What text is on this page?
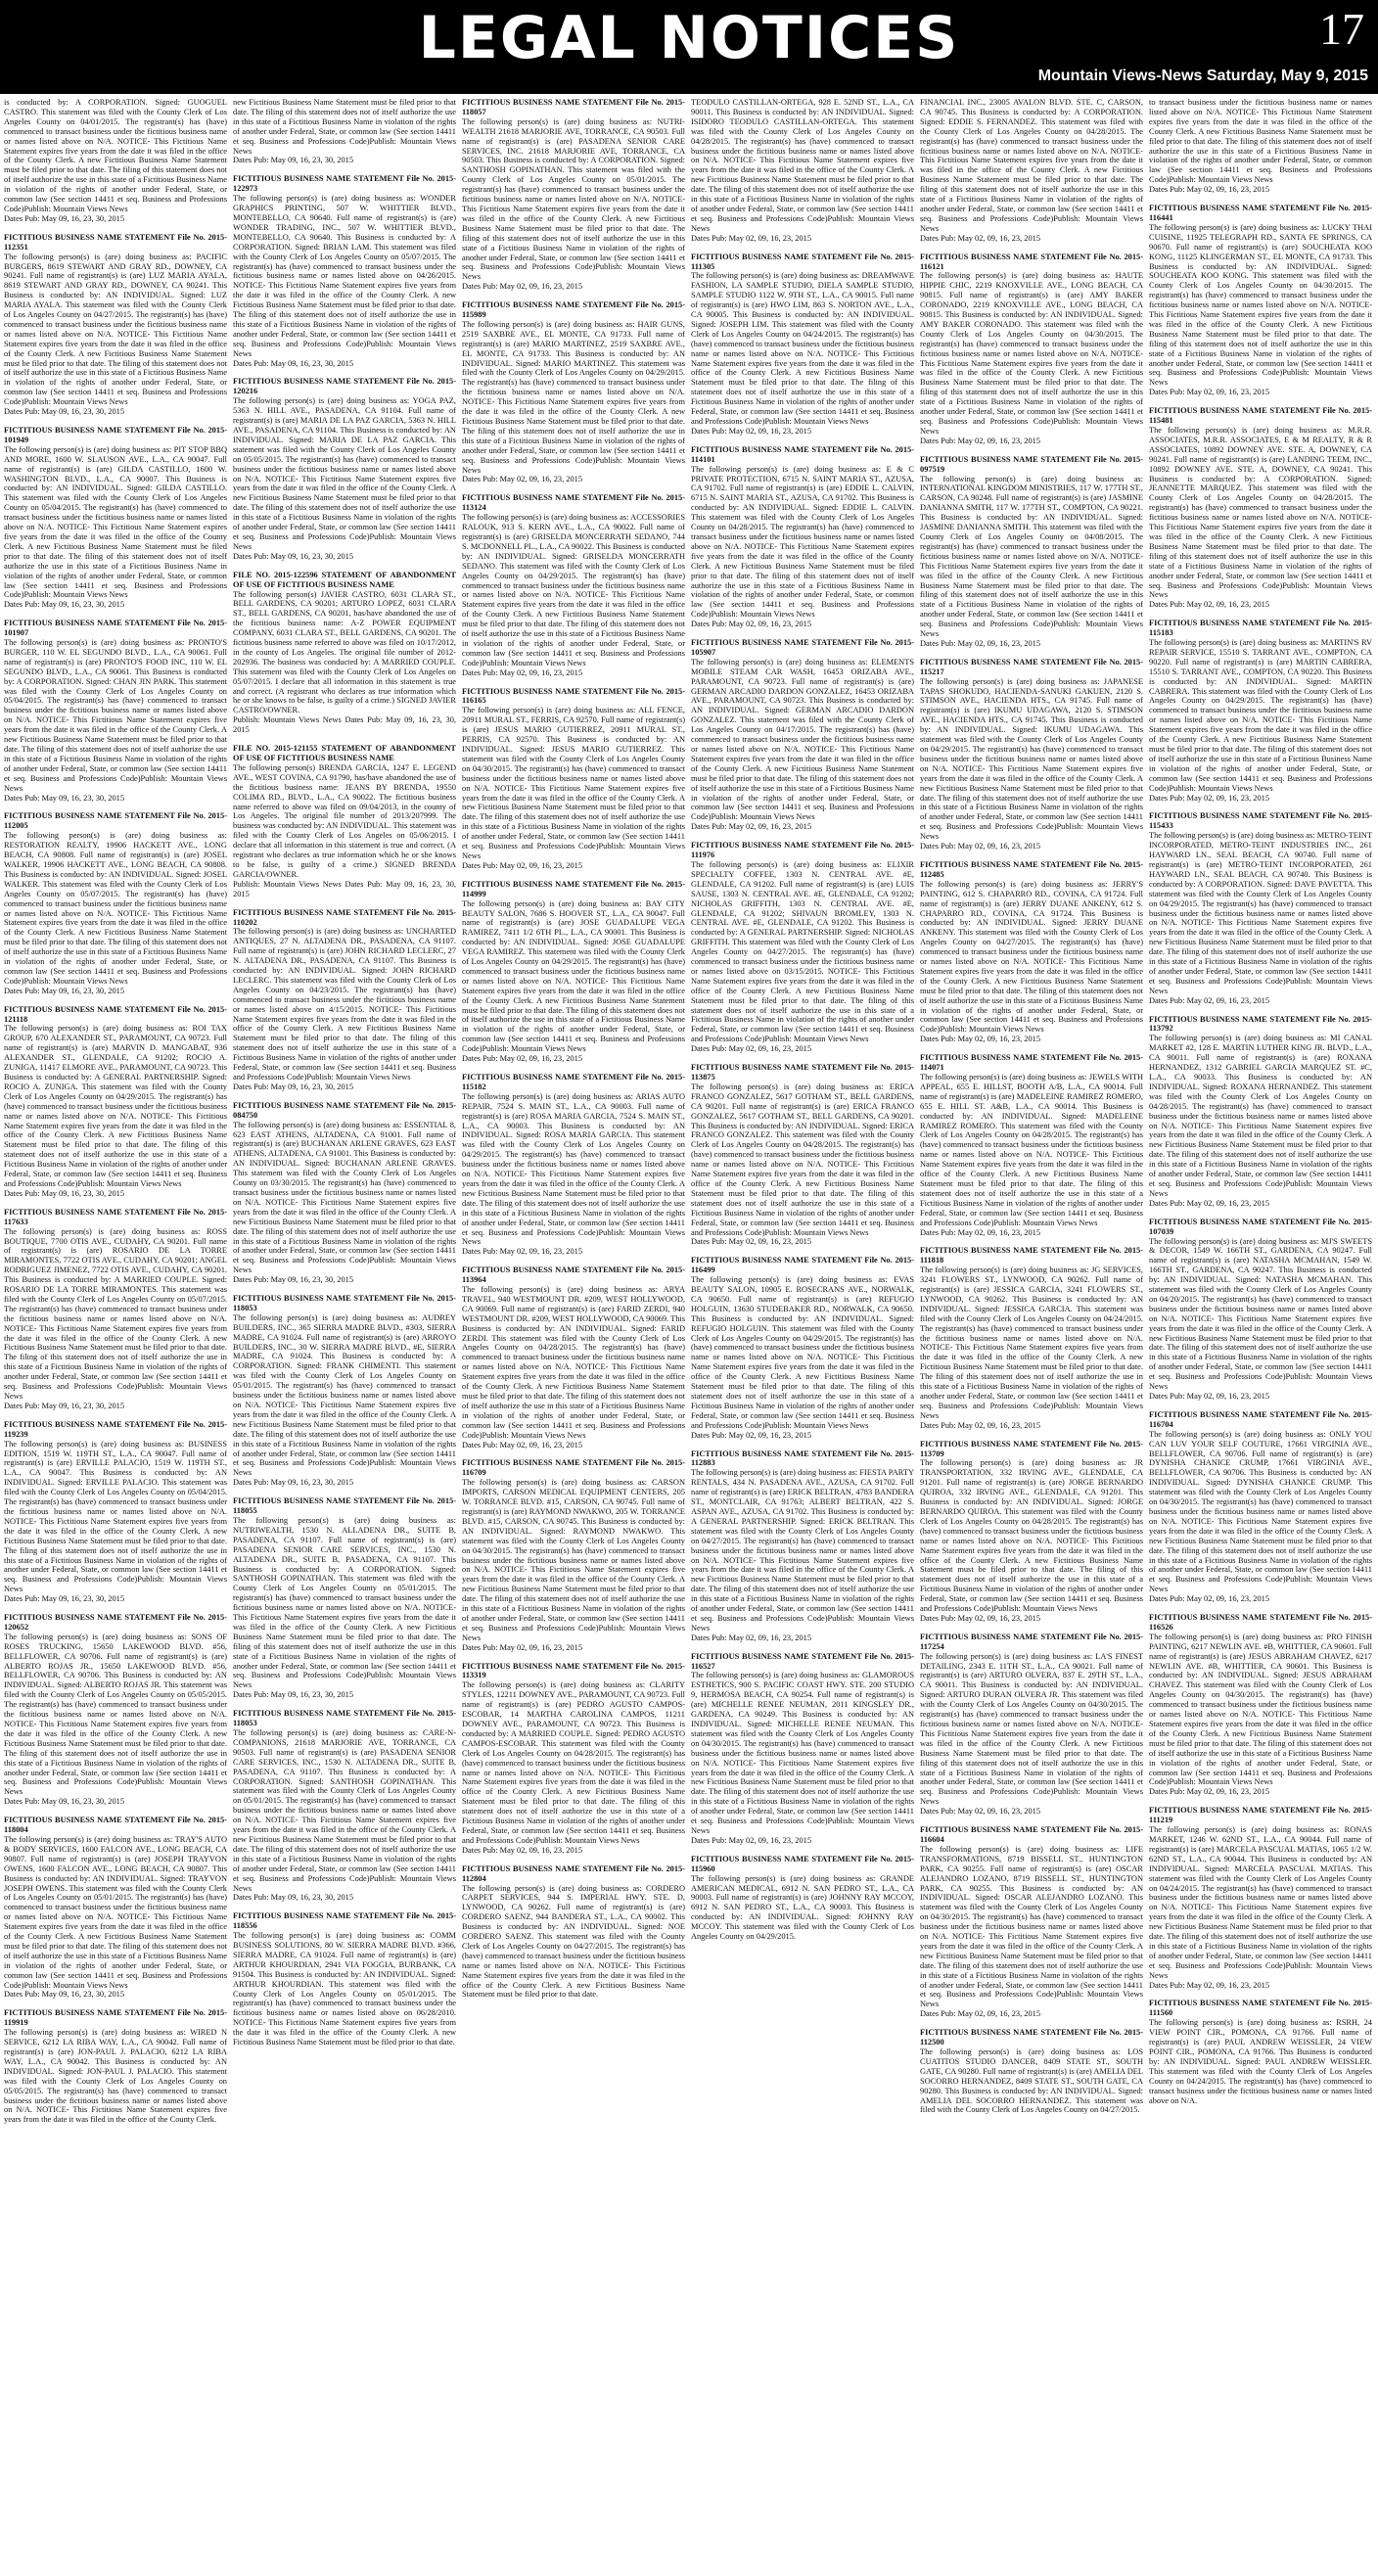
LEGAL NOTICES	17
Mountain Views-News Saturday, May 9, 2015
is conducted by: A CORPORATION. Signed: GUOGUEL CASTRO. This statement was filed with the County Clerk of Los Angeles County on 04/01/2015. The registrant(s) has (have) commenced to transact business under the fictitious business name or names listed above on N/A. NOTICE- This Fictitious Name Statement expires five years from the date it was filed in the office of the County Clerk. A new Fictitious Business Name Statement must be filed prior to that date. The filing of this statement does not of itself authorize the use in this state of a Fictitious Business Name in violation of the rights of another under Federal, State, or common law (See section 14411 et seq. Business and Professions Code)Publish: Mountain Views News
Dates Pub: May 09, 16, 23, 30, 2015
FICTITIOUS BUSINESS NAME STATEMENT File No. 2015-112351
The following person(s) is (are) doing business as: PACIFIC BURGERS, 8619 STEWART AND GRAY RD., DOWNEY, CA 90241. Full name of registrant(s) is (are) LUZ MARIA AYALA, 8619 STEWART AND GRAY RD., DOWNEY, CA 90241. This Business is conducted by: AN INDIVIDUAL. Signed: LUZ MARIA AYALA. This statement was filed with the County Clerk of Los Angeles County on 04/27/2015. The registrant(s) has (have) commenced to transact business under the fictitious business name or names listed above on N/A. NOTICE- This Fictitious Name Statement expires five years from the date it was filed in the office of the County Clerk. A new Fictitious Business Name Statement must be filed prior to that date. The filing of this statement does not of itself authorize the use in this state of a Fictitious Business Name in violation of the rights of another under Federal, State, or common law (See section 14411 et seq. Business and Professions Code)Publish: Mountain Views News
Dates Pub: May 09, 16, 23, 30, 2015
FICTITIOUS BUSINESS NAME STATEMENT File No. 2015-101949
The following person(s) is (are) doing business as: PIT STOP BBQ AND MORE, 1600 W. SLAUSON AVE., L.A., CA 90047. Full name of registrant(s) is (are) GILDA CASTILLO, 1600 W. WASHINGTON BLVD., L.A., CA 90007. This Business is conducted by: AN INDIVIDUAL. Signed: GILDA CASTILLO. This statement was filed with the County Clerk of Los Angeles County on 05/04/2015. The registrant(s) has (have) commenced to transact business under the fictitious business name or names listed above on N/A. NOTICE- This Fictitious Name Statement expires five years from the date it was filed in the office of the County Clerk. A new Fictitious Business Name Statement must be filed prior to that date. The filing of this statement does not of itself authorize the use in this state of a Fictitious Business Name in violation of the rights of another under Federal, State, or common law (See section 14411 et seq. Business and Professions Code)Publish: Mountain Views News
Dates Pub: May 09, 16, 23, 30, 2015
FICTITIOUS BUSINESS NAME STATEMENT File No. 2015-101907
The following person(s) is (are) doing business as: PRONTO'S BURGER, 110 W. EL SEGUNDO BLVD., L.A., CA 90061. Full name of registrant(s) is (are) PRONTO'S FOOD INC, 110 W. EL SEGUNDO BLVD., L.A., CA 90061. This Business is conducted by: A CORPORATION. Signed: CHAN JIN PARK. This statement was filed with the County Clerk of Los Angeles County on 05/04/2015. The registrant(s) has (have) commenced to transact business under the fictitious business name or names listed above on N/A. NOTICE- This Fictitious Name Statement expires five years from the date it was filed in the office of the County Clerk. A new Fictitious Business Name Statement must be filed prior to that date. The filing of this statement does not of itself authorize the use in this state of a Fictitious Business Name in violation of the rights of another under Federal, State, or common law (See section 14411 et seq. Business and Professions Code)Publish: Mountain Views News
Dates Pub: May 09, 16, 23, 30, 2015
FICTITIOUS BUSINESS NAME STATEMENT File No. 2015-112005
The following person(s) is (are) doing business as: RESTORATION REALTY, 19906 HACKETT AVE., LONG BEACH, CA 90808. Full name of registrant(s) is (are) JOSEL WALKER, 19906 HACKETT AVE., LONG BEACH, CA 90808. This Business is conducted by: AN INDIVIDUAL. Signed: JOSEL WALKER. This statement was filed with the County Clerk of Los Angeles County on 05/07/2015. The registrant(s) has (have) commenced to transact business under the fictitious business name or names listed above on N/A. NOTICE- This Fictitious Name Statement expires five years from the date it was filed in the office of the County Clerk. A new Fictitious Business Name Statement must be filed prior to that date. The filing of this statement does not of itself authorize the use in this state of a Fictitious Business Name in violation of the rights of another under Federal, State, or common law (See section 14411 et seq. Business and Professions Code)Publish: Mountain Views News
Dates Pub: May 09, 16, 23, 30, 2015
FICTITIOUS BUSINESS NAME STATEMENT File No. 2015-121118
The following person(s) is (are) doing business as: ROI TAX GROUP, 670 ALEXANDER ST., PARAMOUNT, CA 90723. Full name of registrant(s) is (are) MARVIN D. MANGABAT, 936 ALEXANDER ST., GLENDALE, CA 91202; ROCIO A. ZUNIGA, 11417 ELMORE AVE., PARAMOUNT, CA 90723. This Business is conducted by: A GENERAL PARTNERSHIP. Signed: ROCIO A. ZUNIGA. This statement was filed with the County Clerk of Los Angeles County on 04/29/2015. The registrant(s) has (have) commenced to transact business under the fictitious business name or names listed above on N/A. NOTICE- This Fictitious Name Statement expires five years from the date it was filed in the office of the County Clerk. A new Fictitious Business Name Statement must be filed prior to that date. The filing of this statement does not of itself authorize the use in this state of a Fictitious Business Name in violation of the rights of another under Federal, State, or common law (See section 14411 et seq. Business and Professions Code)Publish: Mountain Views News
Dates Pub: May 09, 16, 23, 30, 2015
FICTITIOUS BUSINESS NAME STATEMENT File No. 2015-117633
The following person(s) is (are) doing business as: ROSS BOUTIQUE, 7700 OTIS AVE., CUDAHY, CA 90201. Full name of registrant(s) is (are) ROSARIO DE LA TORRE MIRAMONTES, 7722 OTIS AVE., CUDAHY, CA 90201; ANGEL RODRIGUEZ JIMENEZ, 7722 OTIS AVE., CUDAHY, CA 90201. This Business is conducted by: A MARRIED COUPLE. Signed: ROSARIO DE LA TORRE MIRAMONTES. This statement was filed with the County Clerk of Los Angeles County on 05/07/2015. The registrant(s) has (have) commenced to transact business under the fictitious business name or names listed above on N/A. NOTICE- This Fictitious Name Statement expires five years from the date it was filed in the office of the County Clerk. A new Fictitious Business Name Statement must be filed prior to that date. The filing of this statement does not of itself authorize the use in this state of a Fictitious Business Name in violation of the rights of another under Federal, State, or common law (See section 14411 et seq. Business and Professions Code)Publish: Mountain Views News
Dates Pub: May 09, 16, 23, 30, 2015
FICTITIOUS BUSINESS NAME STATEMENT File No. 2015-119239
The following person(s) is (are) doing business as: BUSINESS EDITION, 1519 W. 119TH ST., L.A., CA 90047. Full name of registrant(s) is (are) ERVILLE PALACIO, 1519 W. 119TH ST., L.A., CA 90047. This Business is conducted by: AN INDIVIDUAL. Signed: ERVILLE PALACIO. This statement was filed with the County Clerk of Los Angeles County on 05/04/2015. The registrant(s) has (have) commenced to transact business under the fictitious business name or names listed above on N/A. NOTICE- This Fictitious Name Statement expires five years from the date it was filed in the office of the County Clerk. A new Fictitious Business Name Statement must be filed prior to that date. The filing of this statement does not of itself authorize the use in this state of a Fictitious Business Name in violation of the rights of another under Federal, State, or common law (See section 14411 et seq. Business and Professions Code)Publish: Mountain Views News
Dates Pub: May 09, 16, 23, 30, 2015
FICTITIOUS BUSINESS NAME STATEMENT File No. 2015-120652
The following person(s) is (are) doing business as: SONS OF ROSES TRUCKING, 15650 LAKEWOOD BLVD. #56, BELLFLOWER, CA 90706. Full name of registrant(s) is (are) ALBERTO ROJAS JR., 15650 LAKEWOOD BLVD. #56, BELLFLOWER, CA 90706. This Business is conducted by: AN INDIVIDUAL. Signed: ALBERTO ROJAS JR. This statement was filed with the County Clerk of Los Angeles County on 05/05/2015. The registrant(s) has (have) commenced to transact business under the fictitious business name or names listed above on N/A. NOTICE- This Fictitious Name Statement expires five years from the date it was filed in the office of the County Clerk. A new Fictitious Business Name Statement must be filed prior to that date. The filing of this statement does not of itself authorize the use in this state of a Fictitious Business Name in violation of the rights of another under Federal, State, or common law (See section 14411 et seq. Business and Professions Code)Publish: Mountain Views News
Dates Pub: May 09, 16, 23, 30, 2015
FICTITIOUS BUSINESS NAME STATEMENT File No. 2015-118004
The following person(s) is (are) doing business as: TRAY'S AUTO & BODY SERVICES, 1600 FALCON AVE., LONG BEACH, CA 90807. Full name of registrant(s) is (are) JOSEPH TRAYVON OWENS, 1600 FALCON AVE., LONG BEACH, CA 90807. This Business is conducted by: AN INDIVIDUAL. Signed: TRAYVON JOSEPH OWENS. This statement was filed with the County Clerk of Los Angeles County on 05/01/2015. The registrant(s) has (have) commenced to transact business under the fictitious business name or names listed above on N/A. NOTICE- This Fictitious Name Statement expires five years from the date it was filed in the office of the County Clerk. A new Fictitious Business Name Statement must be filed prior to that date. The filing of this statement does not of itself authorize the use in this state of a Fictitious Business Name in violation of the rights of another under Federal, State, or common law (See section 14411 et seq. Business and Professions Code)Publish: Mountain Views News
Dates Pub: May 09, 16, 23, 30, 2015
FICTITIOUS BUSINESS NAME STATEMENT File No. 2015-119919
The following person(s) is (are) doing business as: WIRED N SERVICE, 6212 LA RIBA WAY, L.A., CA 90042. Full name of registrant(s) is (are) JON-PAUL J. PALACIO, 6212 LA RIBA WAY, L.A., CA 90042. This Business is conducted by: AN INDIVIDUAL. Signed: JON-PAUL J. PALACIO. This statement was filed with the County Clerk of Los Angeles County on 05/05/2015. The registrant(s) has (have) commenced to transact business under the fictitious business name or names listed above on N/A. NOTICE- This Fictitious Name Statement expires five years from the date it was filed in the office of the County Clerk.
new Fictitious Business Name Statement must be filed prior to that date. The filing of this statement does not of itself authorize the use in this state of a Fictitious Business Name in violation of the rights of another under Federal, State, or common law (See section 14411 et seq. Business and Professions Code)Publish: Mountain Views News
Dates Pub: May 09, 16, 23, 30, 2015
FICTITIOUS BUSINESS NAME STATEMENT File No. 2015-122973
The following person(s) is (are) doing business as: WONDER GRAPHICS PRINTING, 507 W. WHITTIER BLVD., MONTEBELLO, CA 90640. Full name of registrant(s) is (are) WONDER TRADING, INC., 507 W. WHITTIER BLVD., MONTEBELLO, CA 90640. This Business is conducted by: A CORPORATION. Signed: BRIAN LAM. This statement was filed with the County Clerk of Los Angeles County on 05/07/2015. The registrant(s) has (have) commenced to transact business under the fictitious business name or names listed above on 04/26/2015. NOTICE- This Fictitious Name Statement expires five years from the date it was filed in the office of the County Clerk. A new Fictitious Business Name Statement must be filed prior to that date. The filing of this statement does not of itself authorize the use in this state of a Fictitious Business Name in violation of the rights of another under Federal, State, or common law (See section 14411 et seq. Business and Professions Code)Publish: Mountain Views News
Dates Pub: May 09, 16, 23, 30, 2015
FICTITIOUS BUSINESS NAME STATEMENT File No. 2015-120216
The following person(s) is (are) doing business as: YOGA PAZ, 5363 N. HILL AVE., PASADENA, CA 91104. Full name of registrant(s) is (are) MARIA DE LA PAZ GARCIA, 5363 N. HILL AVE., PASADENA, CA 91104. This Business is conducted by: AN INDIVIDUAL. Signed: MARIA DE LA PAZ GARCIA. This statement was filed with the County Clerk of Los Angeles County on 05/05/2015. The registrant(s) has (have) commenced to transact business under the fictitious business name or names listed above on N/A. NOTICE- This Fictitious Name Statement expires five years from the date it was filed in the office of the County Clerk. A new Fictitious Business Name Statement must be filed prior to that date. The filing of this statement does not of itself authorize the use in this state of a Fictitious Business Name in violation of the rights of another under Federal, State, or common law (See section 14411 et seq. Business and Professions Code)Publish: Mountain Views News
Dates Pub: May 09, 16, 23, 30, 2015
FILE NO. 2015-122596 STATEMENT OF ABANDONMENT OF USE OF FICTITIOUS BUSINESS NAME
The following person(s) JAVIER CASTRO, 6031 CLARA ST., BELL GARDENS, CA 90201; ARTURO LOPEZ, 6031 CLARA ST., BELL GARDENS, CA 90201, has/have abandoned the use of the fictitious business name: A-Z POWER EQUIPMENT COMPANY, 6031 CLARA ST., BELL GARDENS, CA 90201. The fictitious business name referred to above was filed on 10/17/2012, in the county of Los Angeles. The original file number of 2012-202936. The business was conducted by: A MARRIED COUPLE. This statement was filed with the County Clerk of Los Angeles on 05/07/2015. I declare that all information in this statement is true and correct. (A registrant who declares as true information which he or she knows to be false, is guilty of a crime.) SIGNED JAVIER CASTRO/OWNER.
Publish: Mountain Views News Dates Pub: May 09, 16, 23, 30, 2015
FILE NO. 2015-121155 STATEMENT OF ABANDONMENT OF USE OF FICTITIOUS BUSINESS NAME
The following person(s) BRENDA GARCIA, 1247 E. LEGEND AVE., WEST COVINA, CA 91790, has/have abandoned the use of the fictitious business name: JEANS BY BRENDA, 19550 COLIMA RD., BLVD., L.A., CA 90022. The fictitious business name referred to above was filed on 09/04/2013, in the county of Los Angeles. The original file number of 2013/207999. The business was conducted by: AN INDIVIDUAL. This statement was filed with the County Clerk of Los Angeles on 05/06/2015. I declare that all information in this statement is true and correct. (A registrant who declares as true information which he or she knows to be false, is guilty of a crime.) SIGNED BRENDA GARCIA/OWNER.
Publish: Mountain Views News Dates Pub: May 09, 16, 23, 30, 2015
FICTITIOUS BUSINESS NAME STATEMENT File No. 2015-110202
The following person(s) is (are) doing business as: UNCHARTED ANTIQUES, 27 N. ALTADENA DR., PASADENA, CA 91107. Full name of registrant(s) is (are) JOHN RICHARD LECLERC, 27 N. ALTADENA DR., PASADENA, CA 91107. This Business is conducted by: AN INDIVIDUAL. Signed: JOHN RICHARD LECLERC. This statement was filed with the County Clerk of Los Angeles County on 04/23/2015. The registrant(s) has (have) commenced to transact business under the fictitious business name or names listed above on 4/15/2015. NOTICE- This Fictitious Name Statement expires five years from the date it was filed in the office of the County Clerk. A new Fictitious Business Name Statement must be filed prior to that date. The filing of this statement does not of itself authorize the use in this state of a Fictitious Business Name in violation of the rights of another under Federal, State, or common law (See section 14411 et seq. Business and Professions Code)Publish: Mountain Views News
Dates Pub: May 09, 16, 23, 30, 2015
FICTITIOUS BUSINESS NAME STATEMENT File No. 2015-084750
The following person(s) is (are) doing business as: ESSENTIAL 8, 623 EAST ATHENS, ALTADENA, CA 91001. Full name of registrant(s) is (are) BUCHANAN ARLENE GRAVES, 623 EAST ATHENS, ALTADENA, CA 91001. This Business is conducted by: AN INDIVIDUAL. Signed: BUCHANAN ARLENE GRAVES. This statement was filed with the County Clerk of Los Angeles County on 03/30/2015. The registrant(s) has (have) commenced to transact business under the fictitious business name or names listed on N/A. NOTICE- This Fictitious Name Statement expires five years from the date it was filed in the office of the County Clerk. A new Fictitious Business Name Statement must be filed prior to that date. The filing of this statement does not of itself authorize the use in this state of a Fictitious Business Name in violation of the rights of another under Federal, State, or common law (See section 14411 et seq. Business and Professions Code)Publish: Mountain Views News
Dates Pub: May 09, 16, 23, 30, 2015
FICTITIOUS BUSINESS NAME STATEMENT File No. 2015-118053
The following person(s) is (are) doing business as: AUDREY BUILDERS, INC., 365 SIERRA MADRE BLVD., #303, SIERRA MADRE, CA 91024. Full name of registrant(s) is (are) ARROYO BUILDERS, INC., 30 W. SIERRA MADRE BLVD., #E, SIERRA MADRE, CA 91024. This Business is conducted by: A CORPORATION. Signed: FRANK CHIMENTI. This statement was filed with the County Clerk of Los Angeles County on 05/01/2015. The registrant(s) has (have) commenced to transact business under the fictitious business name or names listed above on N/A. NOTICE- This Fictitious Name Statement expires five years from the date it was filed in the office of the County Clerk. A new Fictitious Business Name Statement must be filed prior to that date. The filing of this statement does not of itself authorize the use in this state of a Fictitious Business Name in violation of the rights of another under Federal, State, or common law (See section 14411 et seq. Business and Professions Code)Publish: Mountain Views News
Dates Pub: May 09, 16, 23, 30, 2015
FICTITIOUS BUSINESS NAME STATEMENT File No. 2015-118055
The following person(s) is (are) doing business as: NUTRIWEALTH, 1530 N. ALLADENA DR., SUITE B, PASADENA, CA 91107. Full name of registrant(s) is (are) PASADENA SENIOR CARE SERVICES, INC., 1530 N. ALTADENA DR., SUITE B, PASADENA, CA 91107. This Business is conducted by: A CORPORATION. Signed: SANTHOSH GOPINATHAN. This statement was filed with the County Clerk of Los Angeles County on 05/01/2015. The registrant(s) has (have) commenced to transact business under the fictitious business name or names listed above on N/A. NOTICE- This Fictitious Name Statement expires five years from the date it was filed in the office of the County Clerk. A new Fictitious Business Name Statement must be filed prior to that date. The filing of this statement does not of itself authorize the use in this state of a Fictitious Business Name in violation of the rights of another under Federal, State, or common law (See section 14411 et seq. Business and Professions Code)Publish: Mountain Views News
Dates Pub: May 09, 16, 23, 30, 2015
FICTITIOUS BUSINESS NAME STATEMENT File No. 2015-118053
The following person(s) is (are) doing business as: CARE-N-COMPANIONS, 21618 MARJORIE AVE, TORRANCE, CA 90503. Full name of registrant(s) is (are) PASADENA SENIOR CARE SERVICES, INC., 1530 N. ALTADENA DR., SUITE B, PASADENA, CA 91107. This Business is conducted by: A CORPORATION. Signed: SANTHOSH GOPINATHAN. This statement was filed with the County Clerk of Los Angeles County on 05/01/2015. The registrant(s) has (have) commenced to transact business under the fictitious business name or names listed above on N/A. NOTICE- This Fictitious Name Statement expires five years from the date it was filed in the office of the County Clerk. A new Fictitious Business Name Statement must be filed prior to that date. The filing of this statement does not of itself authorize the use in this state of a Fictitious Business Name in violation of the rights of another under Federal, State, or common law (See section 14411 et seq. Business and Professions Code)Publish: Mountain Views News
Dates Pub: May 09, 16, 23, 30, 2015
FICTITIOUS BUSINESS NAME STATEMENT File No. 2015-118556
The following person(s) is (are) doing business as: COMM BUSINESS SOLUTIONS, 80 W. SIERRA MADRE BLVD. #366, SIERRA MADRE, CA 91024. Full name of registrant(s) is (are) ARTHUR KHOURDIAN, 2941 VIA FOGGIA, BURBANK, CA 91504. This Business is conducted by: AN INDIVIDUAL. Signed: ARTHUR KHOURDIAN. This statement was filed with the County Clerk of Los Angeles County on 05/01/2015. The registrant(s) has (have) commenced to transact business under the fictitious business name or names listed above on 06/28/2010. NOTICE- This Fictitious Name Statement expires five years from the date it was filed in the office of the County Clerk. A new Fictitious Business Name Statement must be filed prior to that date.
FICTITIOUS BUSINESS NAME STATEMENT File No. 2015-118057
The following person(s) is (are) doing business as: NUTRI-WEALTH 21618 MARJORIE AVE, TORRANCE, CA 90503. Full name of registrant(s) is (are) PASADENA SENIOR CARE SERVICES, INC. 21618 MARJORIE AVE, TORRANCE, CA 90503. This Business is conducted by: A CORPORATION. Signed: SANTHOSH GOPINATHAN. This statement was filed with the County Clerk of Los Angeles County on 05/01/2015. The registrant(s) has (have) commenced to transact business under the fictitious business name or names listed above on N/A. NOTICE- This Fictitious Name Statement expires five years from the date it was filed in the office of the County Clerk. A new Fictitious Business Name Statement must be filed prior to that date. The filing of this statement does not of itself authorize the use in this state of a Fictitious Business Name in violation of the rights of another under Federal, State, or common law (See section 14411 et seq. Business and Professions Code)Publish: Mountain Views News
Dates Pub: May 02, 09, 16, 23, 2015
FICTITIOUS BUSINESS NAME STATEMENT File No. 2015-115989
The following person(s) is (are) doing business as: HAIR GUNS, 2519 SAXBRE AVE., EL MONTE, CA 91733. Full name of registrant(s) is (are) MARIO MARTINEZ, 2519 SAXBRE AVE., EL MONTE, CA 91733. This Business is conducted by: AN INDIVIDUAL. Signed: MARIO MARTINEZ. This statement was filed with the County Clerk of Los Angeles County on 04/29/2015. The registrant(s) has (have) commenced to transact business under the fictitious business name or names listed above on N/A. NOTICE- This Fictitious Name Statement expires five years from the date it was filed in the office of the County Clerk. A new Fictitious Business Name Statement must be filed prior to that date. The filing of this statement does not of itself authorize the use in this state of a Fictitious Business Name in violation of the rights of another under Federal, State, or common law (See section 14411 et seq. Business and Professions Code)Publish: Mountain Views News
Dates Pub: May 02, 09, 16, 23, 2015
FICTITIOUS BUSINESS NAME STATEMENT File No. 2015-113124
The following person(s) is (are) doing business as: ACCESSORIES RALOUK, 913 S. KERN AVE., L.A., CA 90022. Full name of registrant(s) is (are) GRISELDA MONCERRATH SEDANO, 744 S. MCDONNELL PL., L.A., CA 90022. This Business is conducted by: AN INDIVIDUAL. Signed: GRISELDA MONCERRATH SEDANO. This statement was filed with the County Clerk of Los Angeles County on 04/29/2015. The registrant(s) has (have) commenced to transact business under the fictitious business name or names listed above on N/A. NOTICE- This Fictitious Name Statement expires five years from the date it was filed in the office of the County Clerk. A new Fictitious Business Name Statement must be filed prior to that date. The filing of this statement does not of itself authorize the use in this state of a Fictitious Business Name in violation of the rights of another under Federal, State, or common law (See section 14411 et seq. Business and Professions Code)Publish: Mountain Views News
Dates Pub: May 02, 09, 16, 23, 2015
FICTITIOUS BUSINESS NAME STATEMENT File No. 2015-116165
The following person(s) is (are) doing business as: ALL FENCE, 20911 MURAL ST., FERRIS, CA 92570. Full name of registrant(s) is (are) JESUS MARIO GUTIERREZ, 20911 MURAL ST., PERRIS, CA 92570. This Business is conducted by: AN INDIVIDUAL. Signed: JESUS MARIO GUTIERREZ. This statement was filed with the County Clerk of Los Angeles County on 04/30/2015. The registrant(s) has (have) commenced to transact business under the fictitious business name or names listed above on N/A. NOTICE- This Fictitious Name Statement expires five years from the date it was filed in the office of the County Clerk. A new Fictitious Business Name Statement must be filed prior to that date. The filing of this statement does not of itself authorize the use in this state of a Fictitious Business Name in violation of the rights of another under Federal, State, or common law (See section 14411 et seq. Business and Professions Code)Publish: Mountain Views News
Dates Pub: May 02, 09, 16, 23, 2015
FICTITIOUS BUSINESS NAME STATEMENT File No. 2015-114999
The following person(s) is (are) doing business as: BAY CITY BEAUTY SALON, 7686 S. HOOVER ST., L.A., CA 90047. Full name of registrant(s) is (are) JOSE GUADALUPE VEGA RAMIREZ, 7411 1/2 6TH PL., L.A., CA 90001. This Business is conducted by: AN INDIVIDUAL. Signed: JOSE GUADALUPE VEGA RAMIREZ. This statement was filed with the County Clerk of Los Angeles County on 04/29/2015. The registrant(s) has (have) commenced to transact business under the fictitious business name or names listed above on N/A. NOTICE- This Fictitious Name Statement expires five years from the date it was filed in the office of the County Clerk. A new Fictitious Business Name Statement must be filed prior to that date. The filing of this statement does not of itself authorize the use in this state of a Fictitious Business Name in violation of the rights of another under Federal, State, or common law (See section 14411 et seq. Business and Professions Code)Publish: Mountain Views News
Dates Pub: May 02, 09, 16, 23, 2015
FICTITIOUS BUSINESS NAME STATEMENT File No. 2015-115182
The following person(s) is (are) doing business as: ARIAS AUTO REPAIR, 7524 S. MAIN ST., L.A., CA 90003. Full name of registrant(s) is (are) ROSA MARIA GARCIA, 7524 S. MAIN ST., L.A., CA 90003. This Business is conducted by: AN INDIVIDUAL. Signed: ROSA MARIA GARCIA. This statement was filed with the County Clerk of Los Angeles County on 04/29/2015. The registrant(s) has (have) commenced to transact business under the fictitious business name or names listed above on N/A. NOTICE- This Fictitious Name Statement expires five years from the date it was filed in the office of the County Clerk. A new Fictitious Business Name Statement must be filed prior to that date. The filing of this statement does not of itself authorize the use in this state of a Fictitious Business Name in violation of the rights of another under Federal, State, or common law (See section 14411 et seq. Business and Professions Code)Publish: Mountain Views News
Dates Pub: May 02, 09, 16, 23, 2015
FICTITIOUS BUSINESS NAME STATEMENT File No. 2015-113964
The following person(s) is (are) doing business as: ARYA TRAVEL, 940 WESTMOUNT DR. #209, WEST HOLLYWOOD, CA 90069. Full name of registrant(s) is (are) FARID ZERDI, 940 WESTMOUNT DR. #209, WEST HOLLYWOOD, CA 90069. This Business is conducted by: AN INDIVIDUAL. Signed: FARID ZERDI. This statement was filed with the County Clerk of Los Angeles County on 04/28/2015. The registrant(s) has (have) commenced to transact business under the fictitious business name or names listed above on N/A. NOTICE- This Fictitious Name Statement expires five years from the date it was filed in the office of the County Clerk. A new Fictitious Business Name Statement must be filed prior to that date. The filing of this statement does not of itself authorize the use in this state of a Fictitious Business Name in violation of the rights of another under Federal, State, or common law (See section 14411 et seq. Business and Professions Code)Publish: Mountain Views News
Dates Pub: May 02, 09, 16, 23, 2015
FICTITIOUS BUSINESS NAME STATEMENT File No. 2015-116709
The following person(s) is (are) doing business as: CARSON IMPORTS, CARSON MEDICAL EQUIPMENT CENTERS, 205 W. TORRANCE BLVD. #15, CARSON, CA 90745. Full name of registrant(s) is (are) RAYMOND NWAKWO, 205 W. TORRANCE BLVD. #15, CARSON, CA 90745. This Business is conducted by: AN INDIVIDUAL. Signed: RAYMOND NWAKWO. This statement was filed with the County Clerk of Los Angeles County on 04/30/2015. The registrant(s) has (have) commenced to transact business under the fictitious business name or names listed above on N/A. NOTICE- This Fictitious Name Statement expires five years from the date it was filed in the office of the County Clerk. A new Fictitious Business Name Statement must be filed prior to that date. The filing of this statement does not of itself authorize the use in this state of a Fictitious Business Name in violation of the rights of another under Federal, State, or common law (See section 14411 et seq. Business and Professions Code)Publish: Mountain Views News
Dates Pub: May 02, 09, 16, 23, 2015
FICTITIOUS BUSINESS NAME STATEMENT File No. 2015-113319
The following person(s) is (are) doing business as: CLARITY STYLES, 12211 DOWNEY AVE., PARAMOUNT, CA 90723. Full name of registrant(s) is (are) PEDRO AGUSTO CAMPOS-ESCOBAR, 14 MARTHA CAROLINA CAMPOS, 11211 DOWNEY AVE., PARAMOUNT, CA 90723. This Business is conducted by: A MARRIED COUPLE. Signed: PEDRO AGUSTO CAMPOS-ESCOBAR. This statement was filed with the County Clerk of Los Angeles County on 04/28/2015. The registrant(s) has (have) commenced to transact business under the fictitious business name or names listed above on N/A. NOTICE- This Fictitious Name Statement expires five years from the date it was filed in the office of the County Clerk. A new Fictitious Business Name Statement must be filed prior to that date. The filing of this statement does not of itself authorize the use in this state of a Fictitious Business Name in violation of the rights of another under Federal, State, or common law (See section 14411 et seq. Business and Professions Code)Publish: Mountain Views News
Dates Pub: May 02, 09, 16, 23, 2015
FICTITIOUS BUSINESS NAME STATEMENT File No. 2015-112804
The following person(s) is (are) doing business as: CORDERO CARPET SERVICES, 944 S. IMPERIAL HWY. STE. D, LYNWOOD, CA 90262. Full name of registrant(s) is (are) CORDERO SAENZ, 944 BANDERA ST., L.A., CA 90002. This Business is conducted by: AN INDIVIDUAL. Signed: NOE CORDERO SAENZ. This statement was filed with the County Clerk of Los Angeles County on 04/27/2015. The registrant(s) has (have) commenced to transact business under the fictitious business name or names listed above on N/A. NOTICE- This Fictitious Name Statement expires five years from the date it was filed in the office of the County Clerk. A new Fictitious Business Name Statement must be filed prior to that date.
TEODULO CASTILLAN-ORTEGA, 928 E. 52ND ST., L.A., CA 90011. This Business is conducted by: AN INDIVIDUAL. Signed: ISIDORO TEODULO CASTILLAN-ORTEGA. This statement was filed with the County Clerk of Los Angeles County on 04/28/2015. The registrant(s) has (have) commenced to transact business under the fictitious business name or names listed above on N/A. NOTICE- This Fictitious Name Statement expires five years from the date it was filed in the office of the County Clerk. A new Fictitious Business Name Statement must be filed prior to that date. The filing of this statement does not of itself authorize the use in this state of a Fictitious Business Name in violation of the rights of another under Federal, State, or common law (See section 14411 et seq. Business and Professions Code)Publish: Mountain Views News
Dates Pub: May 02, 09, 16, 23, 2015
FICTITIOUS BUSINESS NAME STATEMENT File No. 2015-111305
The following person(s) is (are) doing business as: DREAMWAVE FASHION, LA SAMPLE STUDIO, DIELA SAMPLE STUDIO, SAMPLE STUDIO 1122 W. 9TH ST., L.A., CA 90015. Full name of registrant(s) is (are) HWO LIM, 863 S. NORTON AVE., L.A., CA 90005. This Business is conducted by: AN INDIVIDUAL. Signed: JOSEPH LIM. This statement was filed with the County Clerk of Los Angeles County on 04/24/2015. The registrant(s) has (have) commenced to transact business under the fictitious business name or names listed above on N/A. NOTICE- This Fictitious Name Statement expires five years from the date it was filed in the office of the County Clerk. A new Fictitious Business Name Statement must be filed prior to that date. The filing of this statement does not of itself authorize the use in this state of a Fictitious Business Name in violation of the rights of another under Federal, State, or common law (See section 14411 et seq. Business and Professions Code)Publish: Mountain Views News
Dates Pub: May 02, 09, 16, 23, 2015
FICTITIOUS BUSINESS NAME STATEMENT File No. 2015-114101
The following person(s) is (are) doing business as: E & C PRIVATE PROTECTION, 6715 N. SAINT MARIA ST., AZUSA, CA 91702. Full name of registrant(s) is (are) EDDIE L. CALVIN, 6715 N. SAINT MARIA ST., AZUSA, CA 91702. This Business is conducted by: AN INDIVIDUAL. Signed: EDDIE L. CALVIN. This statement was filed with the County Clerk of Los Angeles County on 04/28/2015. The registrant(s) has (have) commenced to transact business under the fictitious business name or names listed above on N/A. NOTICE- This Fictitious Name Statement expires five years from the date it was filed in the office of the County Clerk. A new Fictitious Business Name Statement must be filed prior to that date. The filing of this statement does not of itself authorize the use in this state of a Fictitious Business Name in violation of the rights of another under Federal, State, or common law (See section 14411 et seq. Business and Professions Code)Publish: Mountain Views News
Dates Pub: May 02, 09, 16, 23, 2015
FICTITIOUS BUSINESS NAME STATEMENT File No. 2015-105907
The following person(s) is (are) doing business as: ELEMENTS MOBILE STEAM CAR WASH, 16453 ORIZABA AVE., PARAMOUNT, CA 90723. Full name of registrant(s) is (are) GERMAN ARCADIO DARDON GONZALEZ, 16453 ORIZABA AVE., PARAMOUNT, CA 90723. This Business is conducted by: AN INDIVIDUAL. Signed: GERMAN ARCADIO DARDON GONZALEZ. This statement was filed with the County Clerk of Los Angeles County on 04/17/2015. The registrant(s) has (have) commenced to transact business under the fictitious business name or names listed above on N/A. NOTICE- This Fictitious Name Statement expires five years from the date it was filed in the office of the County Clerk. A new Fictitious Business Name Statement must be filed prior to that date. The filing of this statement does not of itself authorize the use in this state of a Fictitious Business Name in violation of the rights of another under Federal, State, or common law (See section 14411 et seq. Business and Professions Code)Publish: Mountain Views News
Dates Pub: May 02, 09, 16, 23, 2015
FICTITIOUS BUSINESS NAME STATEMENT File No. 2015-111976
The following person(s) is (are) doing business as: ELIXIR SPECIALTY COFFEE, 1303 N. CENTRAL AVE. #E, GLENDALE, CA 91202. Full name of registrant(s) is (are) LUIS SAUSE, 1303 N. CENTRAL AVE. #E, GLENDALE, CA 91202; NICHOLAS GRIFFITH, 1303 N. CENTRAL AVE. #E, GLENDALE, CA 91202; SHIVAUN BROMLEY, 1303 N. CENTRAL AVE. #E, GLENDALE, CA 91202. This Business is conducted by: A GENERAL PARTNERSHIP. Signed: NICHOLAS GRIFFITH. This statement was filed with the County Clerk of Los Angeles County on 04/27/2015. The registrant(s) has (have) commenced to transact business under the fictitious business name or names listed above on 03/15/2015. NOTICE- This Fictitious Name Statement expires five years from the date it was filed in the office of the County Clerk. A new Fictitious Business Name Statement must be filed prior to that date. The filing of this statement does not of itself authorize the use in this state of a Fictitious Business Name in violation of the rights of another under Federal, State, or common law (See section 14411 et seq. Business and Professions Code)Publish: Mountain Views News
Dates Pub: May 02, 09, 16, 23, 2015
FICTITIOUS BUSINESS NAME STATEMENT File No. 2015-113875
The following person(s) is (are) doing business as: ERICA FRANCO GONZALEZ, 5617 GOTHAM ST., BELL GARDENS, CA 90201. Full name of registrant(s) is (are) ERICA FRANCO GONZALEZ, 5617 GOTHAM ST., BELL GARDENS, CA 90201. This Business is conducted by: AN INDIVIDUAL. Signed: ERICA FRANCO GONZALEZ. This statement was filed with the County Clerk of Los Angeles County on 04/28/2015. The registrant(s) has (have) commenced to transact business under the fictitious business name or names listed above on N/A. NOTICE- This Fictitious Name Statement expires five years from the date it was filed in the office of the County Clerk. A new Fictitious Business Name Statement must be filed prior to that date. The filing of this statement does not of itself authorize the use in this state of a Fictitious Business Name in violation of the rights of another under Federal, State, or common law (See section 14411 et seq. Business and Professions Code)Publish: Mountain Views News
Dates Pub: May 02, 09, 16, 23, 2015
FICTITIOUS BUSINESS NAME STATEMENT File No. 2015-116499
The following person(s) is (are) doing business as: EVAS BEAUTY SALON, 10905 E. ROSECRANS AVE., NORWALK, CA 90650. Full name of registrant(s) is (are) REFUGIO HOLGUIN, 13630 STUDEBAKER RD., NORWALK, CA 90650. This Business is conducted by: AN INDIVIDUAL. Signed: REFUGIO HOLGUIN. This statement was filed with the County Clerk of Los Angeles County on 04/29/2015. The registrant(s) has (have) commenced to transact business under the fictitious business name or names listed above on N/A. NOTICE- This Fictitious Name Statement expires five years from the date it was filed in the office of the County Clerk. A new Fictitious Business Name Statement must be filed prior to that date. The filing of this statement does not of itself authorize the use in this state of a Fictitious Business Name in violation of the rights of another under Federal, State, or common law (See section 14411 et seq. Business and Professions Code)Publish: Mountain Views News
Dates Pub: May 02, 09, 16, 23, 2015
FICTITIOUS BUSINESS NAME STATEMENT File No. 2015-112883
The following person(s) is (are) doing business as: FIESTA PARTY RENTALS, 434 N. PASADENA AVE., AZUSA, CA 91702. Full name of registrant(s) is (are) ERICK BELTRAN, 4783 BANDERA ST., MONTCLAIR, CA 91763; ALBERT BELTRAN, 422 S. ASPAN AVE., AZUSA, CA 91702. This Business is conducted by: A GENERAL PARTNERSHIP. Signed: ERICK BELTRAN. This statement was filed with the County Clerk of Los Angeles County on 04/27/2015. The registrant(s) has (have) commenced to transact business under the fictitious business name or names listed above on N/A. NOTICE- This Fictitious Name Statement expires five years from the date it was filed in the office of the County Clerk. A new Fictitious Business Name Statement must be filed prior to that date. The filing of this statement does not of itself authorize the use in this state of a Fictitious Business Name in violation of the rights of another under Federal, State, or common law (See section 14411 et seq. Business and Professions Code)Publish: Mountain Views News
Dates Pub: May 02, 09, 16, 23, 2015
FICTITIOUS BUSINESS NAME STATEMENT File No. 2015-116527
The following person(s) is (are) doing business as: GLAMOROUS ESTHETICS, 900 S. PACIFIC COAST HWY. STE. 200 STUDIO 9, HERMOSA BEACH, CA 90254. Full name of registrant(s) is (are) MICHELLE RENEE NEUMAN, 2011 KINGSLEY DR., GARDENA, CA 90249. This Business is conducted by: AN INDIVIDUAL. Signed: MICHELLE RENEE NEUMAN. This statement was filed with the County Clerk of Los Angeles County on 04/30/2015. The registrant(s) has (have) commenced to transact business under the fictitious business name or names listed above on N/A. NOTICE- This Fictitious Name Statement expires five years from the date it was filed in the office of the County Clerk. A new Fictitious Business Name Statement must be filed prior to that date. The filing of this statement does not of itself authorize the use in this state of a Fictitious Business Name in violation of the rights of another under Federal, State, or common law (See section 14411 et seq. Business and Professions Code)Publish: Mountain Views News
Dates Pub: May 02, 09, 16, 23, 2015
FICTITIOUS BUSINESS NAME STATEMENT File No. 2015-115960
The following person(s) is (are) doing business as: GRANDE AMERICAN MEDICAL, 6912 N. SAN PEDRO ST., L.A., CA 90003. Full name of registrant(s) is (are) JOHNNY RAY MCCOY, 6912 N. SAN PEDRO ST., L.A., CA 90003. This Business is conducted by: AN INDIVIDUAL. Signed: JOHNNY RAY MCCOY. This statement was filed with the County Clerk of Los Angeles County on 04/29/2015.
FINANCIAL INC., 23005 AVALON BLVD. STE. C, CARSON, CA 90745. This Business is conducted by: A CORPORATION. Signed: EDDIE S. FERNANDEZ. This statement was filed with the County Clerk of Los Angeles County on 04/28/2015. The registrant(s) has (have) commenced to transact business under the fictitious business name or names listed above on N/A. NOTICE- This Fictitious Name Statement expires five years from the date it was filed in the office of the County Clerk. A new Fictitious Business Name Statement must be filed prior to that date. The filing of this statement does not of itself authorize the use in this state of a Fictitious Business Name in violation of the rights of another under Federal, State, or common law (See section 14411 et seq. Business and Professions Code)Publish: Mountain Views News
Dates Pub: May 02, 09, 16, 23, 2015
FICTITIOUS BUSINESS NAME STATEMENT File No. 2015-116121
The following person(s) is (are) doing business as: HAUTE HIPPIE CHIC, 2219 KNOXVILLE AVE., LONG BEACH, CA 90815. Full name of registrant(s) is (are) AMY BAKER CORONADO, 2219 KNOXVILLE AVE., LONG BEACH, CA 90815. This Business is conducted by: AN INDIVIDUAL. Signed: AMY BAKER CORONADO. This statement was filed with the County Clerk of Los Angeles County on 04/30/2015. The registrant(s) has (have) commenced to transact business under the fictitious business name or names listed above on N/A. NOTICE- This Fictitious Name Statement expires five years from the date it was filed in the office of the County Clerk. A new Fictitious Business Name Statement must be filed prior to that date. The filing of this statement does not of itself authorize the use in this state of a Fictitious Business Name in violation of the rights of another under Federal, State, or common law (See section 14411 et seq. Business and Professions Code)Publish: Mountain Views News
Dates Pub: May 02, 09, 16, 23, 2015
FICTITIOUS BUSINESS NAME STATEMENT File No. 2015-097519
The following person(s) is (are) doing business as: INTERNATIONAL KINGDOM MINISTRIES, 117 W. 177TH ST., CARSON, CA 90248. Full name of registrant(s) is (are) JASMINE DANIANNA SMITH, 117 W. 177TH ST., COMPTON, CA 90221. This Business is conducted by: AN INDIVIDUAL. Signed: JASMINE DANIANNA SMITH. This statement was filed with the County Clerk of Los Angeles County on 04/08/2015. The registrant(s) has (have) commenced to transact business under the fictitious business name or names listed above on N/A. NOTICE- This Fictitious Name Statement expires five years from the date it was filed in the office of the County Clerk. A new Fictitious Business Name Statement must be filed prior to that date. The filing of this statement does not of itself authorize the use in this state of a Fictitious Business Name in violation of the rights of another under Federal, State, or common law (See section 14411 et seq. Business and Professions Code)Publish: Mountain Views News
Dates Pub: May 02, 09, 16, 23, 2015
FICTITIOUS BUSINESS NAME STATEMENT File No. 2015-115217
The following person(s) is (are) doing business as: JAPANESE TAPAS SHOKUDO, HACIENDA-SANUKI GAKUEN, 2120 S. STIMSON AVE., HACIENDA HTS., CA 91745. Full name of registrant(s) is (are) IKUMU UDAGAWA, 2120 S. STIMSON AVE., HACIENDA HTS., CA 91745. This Business is conducted by: AN INDIVIDUAL. Signed: IKUMU UDAGAWA. This statement was filed with the County Clerk of Los Angeles County on 04/29/2015. The registrant(s) has (have) commenced to transact business under the fictitious business name or names listed above on N/A. NOTICE- This Fictitious Name Statement expires five years from the date it was filed in the office of the County Clerk. A new Fictitious Business Name Statement must be filed prior to that date. The filing of this statement does not of itself authorize the use in this state of a Fictitious Business Name in violation of the rights of another under Federal, State, or common law (See section 14411 et seq. Business and Professions Code)Publish: Mountain Views News
Dates Pub: May 02, 09, 16, 23, 2015
FICTITIOUS BUSINESS NAME STATEMENT File No. 2015-112485
The following person(s) is (are) doing business as: JERRY'S PAINTING, 612 S. CHAPARRO RD., COVINA, CA 91724. Full name of registrant(s) is (are) JERRY DUANE ANKENY, 612 S. CHAPARRO RD., COVINA, CA 91724. This Business is conducted by: AN INDIVIDUAL. Signed: JERRY DUANE ANKENY. This statement was filed with the County Clerk of Los Angeles County on 04/27/2015. The registrant(s) has (have) commenced to transact business under the fictitious business name or names listed above on N/A. NOTICE- This Fictitious Name Statement expires five years from the date it was filed in the office of the County Clerk. A new Fictitious Business Name Statement must be filed prior to that date. The filing of this statement does not of itself authorize the use in this state of a Fictitious Business Name in violation of the rights of another under Federal, State, or common law (See section 14411 et seq. Business and Professions Code)Publish: Mountain Views News
Dates Pub: May 02, 09, 16, 23, 2015
FICTITIOUS BUSINESS NAME STATEMENT File No. 2015-114071
The following person(s) is (are) doing business as: JEWELS WITH APPEAL, 655 E. HILLST, BOOTH A/B, L.A., CA 90014. Full name of registrant(s) is (are) MADELEINE RAMIREZ ROMERO, 655 E. HILL ST. A&B, L.A., CA 90014. This Business is conducted by: AN INDIVIDUAL. Signed: MADELEINE RAMIREZ ROMERO. This statement was filed with the County Clerk of Los Angeles County on 04/28/2015. The registrant(s) has (have) commenced to transact business under the fictitious business name or names listed above on N/A. NOTICE- This Fictitious Name Statement expires five years from the date it was filed in the office of the County Clerk. A new Fictitious Business Name Statement must be filed prior to that date. The filing of this statement does not of itself authorize the use in this state of a Fictitious Business Name in violation of the rights of another under Federal, State, or common law (See section 14411 et seq. Business and Professions Code)Publish: Mountain Views News
Dates Pub: May 02, 09, 16, 23, 2015
FICTITIOUS BUSINESS NAME STATEMENT File No. 2015-111818
The following person(s) is (are) doing business as: JG SERVICES, 3241 FLOWERS ST., LYNWOOD, CA 90262. Full name of registrant(s) is (are) JESSICA GARCIA, 3241 FLOWERS ST., LYNWOOD, CA 90262. This Business is conducted by: AN INDIVIDUAL. Signed: JESSICA GARCIA. This statement was filed with the County Clerk of Los Angeles County on 04/24/2015. The registrant(s) has (have) commenced to transact business under the fictitious business name or names listed above on N/A. NOTICE- This Fictitious Name Statement expires five years from the date it was filed in the office of the County Clerk. A new Fictitious Business Name Statement must be filed prior to that date. The filing of this statement does not of itself authorize the use in this state of a Fictitious Business Name in violation of the rights of another under Federal, State, or common law (See section 14411 et seq. Business and Professions Code)Publish: Mountain Views News
Dates Pub: May 02, 09, 16, 23, 2015
FICTITIOUS BUSINESS NAME STATEMENT File No. 2015-113709
The following person(s) is (are) doing business as: JR TRANSPORTATION, 332 IRVING AVE., GLENDALE, CA 91201. Full name of registrant(s) is (are) JORGE BERNARDO QUIROA, 332 IRVING AVE., GLENDALE, CA 91201. This Business is conducted by: AN INDIVIDUAL. Signed: JORGE BERNARDO QUIROA. This statement was filed with the County Clerk of Los Angeles County on 04/28/2015. The registrant(s) has (have) commenced to transact business under the fictitious business name or names listed above on N/A. NOTICE- This Fictitious Name Statement expires five years from the date it was filed in the office of the County Clerk. A new Fictitious Business Name Statement must be filed prior to that date. The filing of this statement does not of itself authorize the use in this state of a Fictitious Business Name in violation of the rights of another under Federal, State, or common law (See section 14411 et seq. Business and Professions Code)Publish: Mountain Views News
Dates Pub: May 02, 09, 16, 23, 2015
FICTITIOUS BUSINESS NAME STATEMENT File No. 2015-117254
The following person(s) is (are) doing business as: LA'S FINEST DETAILING, 2343 E. 11TH ST., L.A., CA 90021. Full name of registrant(s) is (are) ARTURO OLVERA, 837 E. 29TH ST., L.A., CA 90011. This Business is conducted by: AN INDIVIDUAL. Signed: ARTURO DURAN OLVERA JR. This statement was filed with the County Clerk of Los Angeles County on 04/30/2015. The registrant(s) has (have) commenced to transact business under the fictitious business name or names listed above on N/A. NOTICE- This Fictitious Name Statement expires five years from the date it was filed in the office of the County Clerk. A new Fictitious Business Name Statement must be filed prior to that date. The filing of this statement does not of itself authorize the use in this state of a Fictitious Business Name in violation of the rights of another under Federal, State, or common law (See section 14411 et seq. Business and Professions Code)Publish: Mountain Views News
Dates Pub: May 02, 09, 16, 23, 2015
FICTITIOUS BUSINESS NAME STATEMENT File No. 2015-116604
The following person(s) is (are) doing business as: LIFE TRANSFORMATIONS, 8719 BISSELL ST., HUNTINGTON PARK, CA 90255. Full name of registrant(s) is (are) OSCAR ALEJANDRO LOZANO, 8719 BISSELL ST., HUNTINGTON PARK, CA 90255. This Business is conducted by: AN INDIVIDUAL. Signed: OSCAR ALEJANDRO LOZANO. This statement was filed with the County Clerk of Los Angeles County on 04/30/2015. The registrant(s) has (have) commenced to transact business under the fictitious business name or names listed above on N/A. NOTICE- This Fictitious Name Statement expires five years from the date it was filed in the office of the County Clerk. A new Fictitious Business Name Statement must be filed prior to that date. The filing of this statement does not of itself authorize the use in this state of a Fictitious Business Name in violation of the rights of another under Federal, State, or common law (See section 14411 et seq. Business and Professions Code)Publish: Mountain Views News
Dates Pub: May 02, 09, 16, 23, 2015
FICTITIOUS BUSINESS NAME STATEMENT File No. 2015-112500
The following person(s) is (are) doing business as: LOS CUATITOS STUDIO DANCER, 8409 STATE ST., SOUTH GATE, CA 90280. Full name of registrant(s) is (are) AMELIA DEL SOCORRO HERNANDEZ, 8409 STATE ST., SOUTH GATE, CA 90280. This Business is conducted by: AN INDIVIDUAL. Signed: AMELIA DEL SOCORRO HERNANDEZ. This statement was filed with the County Clerk of Los Angeles County on 04/27/2015.
to transact business under the fictitious business name or names listed above on N/A. NOTICE- This Fictitious Name Statement expires five years from the date it was filed in the office of the County Clerk. A new Fictitious Business Name Statement must be filed prior to that date. The filing of this statement does not of itself authorize the use in this state of a Fictitious Business Name in violation of the rights of another under Federal, State, or common law (See section 14411 et seq. Business and Professions Code)Publish: Mountain Views News
Dates Pub: May 02, 09, 16, 23, 2015
FICTITIOUS BUSINESS NAME STATEMENT File No. 2015-116441
The following person(s) is (are) doing business as: LUCKY THAI CUISINE, 11925 TELEGRAPH RD., SANTA FE SPRINGS, CA 90670. Full name of registrant(s) is (are) SOUCHEATA KOO KONG, 11125 KLINGERMAN ST., EL MONTE, CA 91733. This Business is conducted by: AN INDIVIDUAL. Signed: SOUCHEATA KOO KONG. This statement was filed with the County Clerk of Los Angeles County on 04/30/2015. The registrant(s) has (have) commenced to transact business under the fictitious business name or names listed above on N/A. NOTICE- This Fictitious Name Statement expires five years from the date it was filed in the office of the County Clerk. A new Fictitious Business Name Statement must be filed prior to that date. The filing of this statement does not of itself authorize the use in this state of a Fictitious Business Name in violation of the rights of another under Federal, State, or common law (See section 14411 et seq. Business and Professions Code)Publish: Mountain Views News
Dates Pub: May 02, 09, 16, 23, 2015
FICTITIOUS BUSINESS NAME STATEMENT File No. 2015-115481
The following person(s) is (are) doing business as: M.R.R. ASSOCIATES, M.R.R. ASSOCIATES, E & M REALTY, R & R ASSOCIATES, 10892 DOWNEY AVE. STE. A, DOWNEY, CA 90241. Full name of registrant(s) is (are) LANDING TEEM, INC., 10892 DOWNEY AVE. STE. A, DOWNEY, CA 90241. This Business is conducted by: A CORPORATION. Signed: JEANNETTE MARQUEZ. This statement was filed with the County Clerk of Los Angeles County on 04/28/2015. The registrant(s) has (have) commenced to transact business under the fictitious business name or names listed above on N/A. NOTICE- This Fictitious Name Statement expires five years from the date it was filed in the office of the County Clerk. A new Fictitious Business Name Statement must be filed prior to that date. The filing of this statement does not of itself authorize the use in this state of a Fictitious Business Name in violation of the rights of another under Federal, State, or common law (See section 14411 et seq. Business and Professions Code)Publish: Mountain Views News
Dates Pub: May 02, 09, 16, 23, 2015
FICTITIOUS BUSINESS NAME STATEMENT File No. 2015-115183
The following person(s) is (are) doing business as: MARTIN'S RV REPAIR SERVICE, 15510 S. TARRANT AVE., COMPTON, CA 90220. Full name of registrant(s) is (are) MARTIN CABRERA, 15510 S. TARRANT AVE., COMPTON, CA 90220. This Business is conducted by: AN INDIVIDUAL. Signed: MARTIN CABRERA. This statement was filed with the County Clerk of Los Angeles County on 04/29/2015. The registrant(s) has (have) commenced to transact business under the fictitious business name or names listed above on N/A. NOTICE- This Fictitious Name Statement expires five years from the date it was filed in the office of the County Clerk. A new Fictitious Business Name Statement must be filed prior to that date. The filing of this statement does not of itself authorize the use in this state of a Fictitious Business Name in violation of the rights of another under Federal, State, or common law (See section 14411 et seq. Business and Professions Code)Publish: Mountain Views News
Dates Pub: May 02, 09, 16, 23, 2015
FICTITIOUS BUSINESS NAME STATEMENT File No. 2015-115433
The following person(s) is (are) doing business as: METRO-TEINT INCORPORATED, METRO-TEINT INDUSTRIES INC., 261 HAYWARD LN., SEAL BEACH, CA 90740. Full name of registrant(s) is (are) METRO-TEINT INCORPORATED, 261 HAYWARD LN., SEAL BEACH, CA 90740. This Business is conducted by: A CORPORATION. Signed: DAVE PAVETTA. This statement was filed with the County Clerk of Los Angeles County on 04/29/2015. The registrant(s) has (have) commenced to transact business under the fictitious business name or names listed above on N/A. NOTICE- This Fictitious Name Statement expires five years from the date it was filed in the office of the County Clerk. A new Fictitious Business Name Statement must be filed prior to that date. The filing of this statement does not of itself authorize the use in this state of a Fictitious Business Name in violation of the rights of another under Federal, State, or common law (See section 14411 et seq. Business and Professions Code)Publish: Mountain Views News
Dates Pub: May 02, 09, 16, 23, 2015
FICTITIOUS BUSINESS NAME STATEMENT File No. 2015-113792
The following person(s) is (are) doing business as: MI CANAL MARKET #2, 128 E. MARTIN LUTHER KING JR. BLVD., L.A., CA 90011. Full name of registrant(s) is (are) ROXANA HERNANDEZ, 1312 GABRIEL GARCIA MARQUEZ ST. #C, L.A., CA 90033. This Business is conducted by: AN INDIVIDUAL. Signed: ROXANA HERNANDEZ. This statement was filed with the County Clerk of Los Angeles County on 04/28/2015. The registrant(s) has (have) commenced to transact business under the fictitious business name or names listed above on N/A. NOTICE- This Fictitious Name Statement expires five years from the date it was filed in the office of the County Clerk. A new Fictitious Business Name Statement must be filed prior to that date. The filing of this statement does not of itself authorize the use in this state of a Fictitious Business Name in violation of the rights of another under Federal, State, or common law (See section 14411 et seq. Business and Professions Code)Publish: Mountain Views News
Dates Pub: May 02, 09, 16, 23, 2015
FICTITIOUS BUSINESS NAME STATEMENT File No. 2015-107039
The following person(s) is (are) doing business as: MJ'S SWEETS & DECOR, 1549 W. 166TH ST., GARDENA, CA 90247. Full name of registrant(s) is (are) NATASHA MCMAHAN, 1549 W. 166TH ST., GARDENA, CA 90247. This Business is conducted by: AN INDIVIDUAL. Signed: NATASHA MCMAHAN. This statement was filed with the County Clerk of Los Angeles County on 04/20/2015. The registrant(s) has (have) commenced to transact business under the fictitious business name or names listed above on N/A. NOTICE- This Fictitious Name Statement expires five years from the date it was filed in the office of the County Clerk. A new Fictitious Business Name Statement must be filed prior to that date. The filing of this statement does not of itself authorize the use in this state of a Fictitious Business Name in violation of the rights of another under Federal, State, or common law (See section 14411 et seq. Business and Professions Code)Publish: Mountain Views News
Dates Pub: May 02, 09, 16, 23, 2015
FICTITIOUS BUSINESS NAME STATEMENT File No. 2015-116704
The following person(s) is (are) doing business as: ONLY YOU CAN LUV YOUR SELF COUTURE, 17661 VIRGINIA AVE., BELLFLOWER, CA 90706. Full name of registrant(s) is (are) DYNISHA CHANICE CRUMP, 17661 VIRGINIA AVE., BELLFLOWER, CA 90706. This Business is conducted by: AN INDIVIDUAL. Signed: DYNISHA CHANICE CRUMP. This statement was filed with the County Clerk of Los Angeles County on 04/30/2015. The registrant(s) has (have) commenced to transact business under the fictitious business name or names listed above on N/A. NOTICE- This Fictitious Name Statement expires five years from the date it was filed in the office of the County Clerk. A new Fictitious Business Name Statement must be filed prior to that date. The filing of this statement does not of itself authorize the use in this state of a Fictitious Business Name in violation of the rights of another under Federal, State, or common law (See section 14411 et seq. Business and Professions Code)Publish: Mountain Views News
Dates Pub: May 02, 09, 16, 23, 2015
FICTITIOUS BUSINESS NAME STATEMENT File No. 2015-116526
The following person(s) is (are) doing business as: PRO FINISH PAINTING, 6217 NEWLIN AVE. #B, WHITTIER, CA 90601. Full name of registrant(s) is (are) JESUS ABRAHAM CHAVEZ, 6217 NEWLIN AVE. #B, WHITTIER, CA 90601. This Business is conducted by: AN INDIVIDUAL. Signed: JESUS ABRAHAM CHAVEZ. This statement was filed with the County Clerk of Los Angeles County on 04/30/2015. The registrant(s) has (have) commenced to transact business under the fictitious business name or names listed above on N/A. NOTICE- This Fictitious Name Statement expires five years from the date it was filed in the office of the County Clerk. A new Fictitious Business Name Statement must be filed prior to that date. The filing of this statement does not of itself authorize the use in this state of a Fictitious Business Name in violation of the rights of another under Federal, State, or common law (See section 14411 et seq. Business and Professions Code)Publish: Mountain Views News
Dates Pub: May 02, 09, 16, 23, 2015
FICTITIOUS BUSINESS NAME STATEMENT File No. 2015-111219
The following person(s) is (are) doing business as: RONAS MARKET, 1246 W. 62ND ST., L.A., CA 90044. Full name of registrant(s) is (are) MARCELA PASCUAL MATIAS, 1065 1/2 W. 62ND ST., L.A., CA 90044. This Business is conducted by: AN INDIVIDUAL. Signed: MARCELA PASCUAL MATIAS. This statement was filed with the County Clerk of Los Angeles County on 04/24/2015. The registrant(s) has (have) commenced to transact business under the fictitious business name or names listed above on N/A. NOTICE- This Fictitious Name Statement expires five years from the date it was filed in the office of the County Clerk. A new Fictitious Business Name Statement must be filed prior to that date. The filing of this statement does not of itself authorize the use in this state of a Fictitious Business Name in violation of the rights of another under Federal, State, or common law (See section 14411 et seq. Business and Professions Code)Publish: Mountain Views News
Dates Pub: May 02, 09, 16, 23, 2015
FICTITIOUS BUSINESS NAME STATEMENT File No. 2015-111560
The following person(s) is (are) doing business as: RSRH, 24 VIEW POINT CIR., POMONA, CA 91766. Full name of registrant(s) is (are) PAUL ANDREW WEISSLER, 24 VIEW POINT CIR., POMONA, CA 91766. This Business is conducted by: AN INDIVIDUAL. Signed: PAUL ANDREW WEISSLER. This statement was filed with the County Clerk of Los Angeles County on 04/24/2015. The registrant(s) has (have) commenced to transact business under the fictitious business name or names listed above on N/A.
